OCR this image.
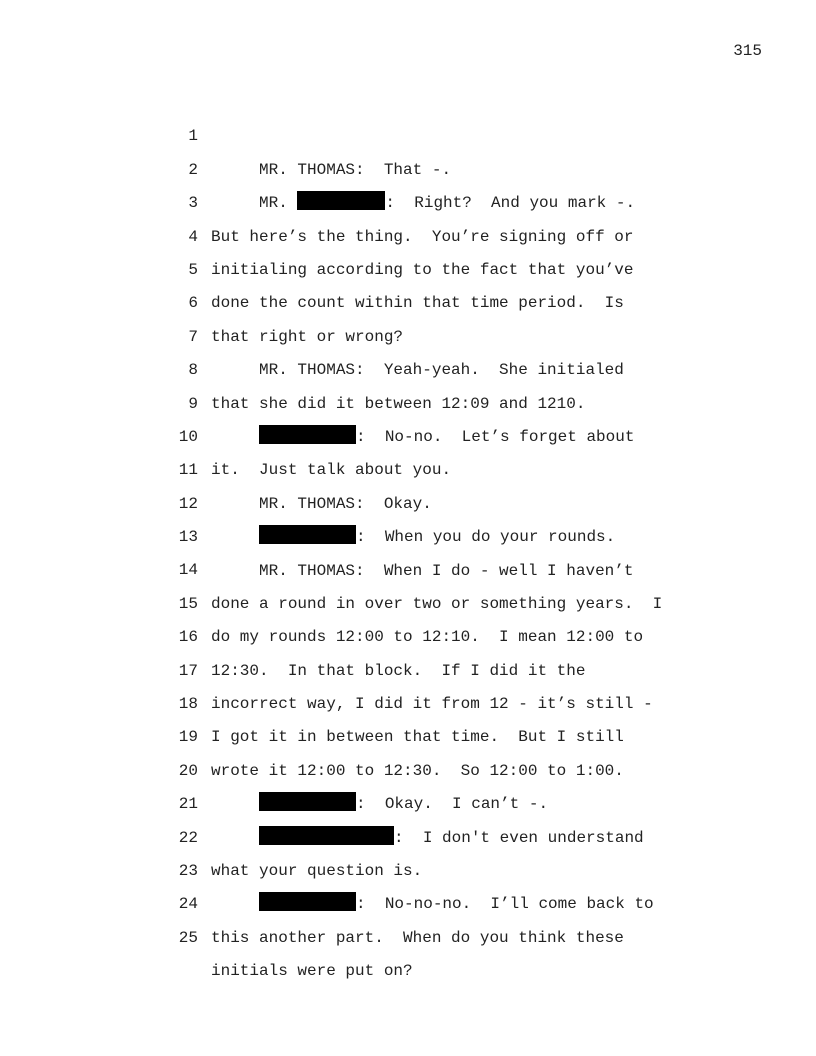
315

1

MR. THOMAS:  That -.

2

MR.	:  Right?  And you mark -.

3

But here’s the thing.  You’re signing off or

4

initialing according to the fact that you’ve

5

done the count within that time period.  Is

6

that right or wrong?

7

MR. THOMAS:  Yeah-yeah.  She initialed

8

that she did it between 12:09 and 1210.

9

:  No-no.  Let’s forget about

10

it.  Just talk about you.

11

MR. THOMAS:  Okay.

12

:  When you do your rounds.

13

MR. THOMAS:  When I do - well I haven’t

14

done a round in over two or something years.  I

15

do my rounds 12:00 to 12:10.  I mean 12:00 to

16

12:30.  In that block.  If I did it the

17

incorrect way, I did it from 12 - it’s still -

18

I got it in between that time.  But I still

19

wrote it 12:00 to 12:30.  So 12:00 to 1:00.

20

:  Okay.  I can’t -.

21

:  I don't even understand

22

what your question is.

23

:  No-no-no.  I’ll come back to

24

this another part.  When do you think these

25

initials were put on?
